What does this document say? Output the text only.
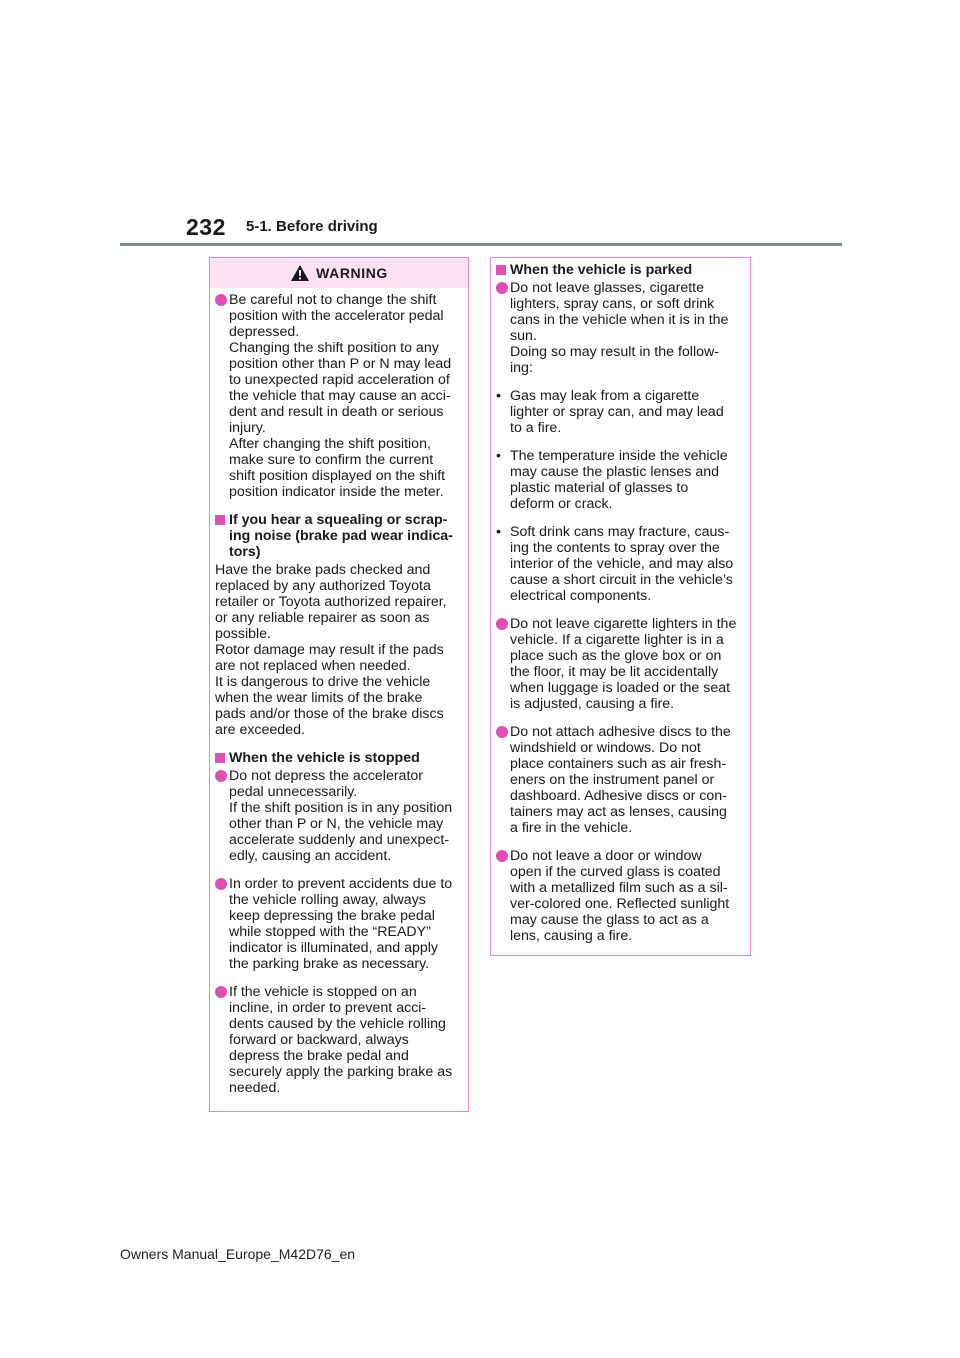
232 5-1. Before driving
WARNING

Be careful not to change the shift

position with the accelerator pedal

depressed.

Changing the shift position to any

position other than P or N may lead

to unexpected rapid acceleration of

the vehicle that may cause an acci-

dent and result in death or serious

injury.

After changing the shift position,

make sure to confirm the current

shift position displayed on the shift

position indicator inside the meter.

If you hear a squealing or scrap-

ing noise (brake pad wear indica-

tors)

Have the brake pads checked and

replaced by any authorized Toyota

retailer or Toyota authorized repairer,

or any reliable repairer as soon as

possible.

Rotor damage may result if the pads

are not replaced when needed.

It is dangerous to drive the vehicle

when the wear limits of the brake

pads and/or those of the brake discs

are exceeded.

When the vehicle is stopped

Do not depress the accelerator

pedal unnecessarily.

If the shift position is in any position

other than P or N, the vehicle may

accelerate suddenly and unexpect-

edly, causing an accident.

In order to prevent accidents due to

the vehicle rolling away, always

keep depressing the brake pedal

while stopped with the “READY”

indicator is illuminated, and apply

the parking brake as necessary.

If the vehicle is stopped on an

incline, in order to prevent acci-

dents caused by the vehicle rolling

forward or backward, always

depress the brake pedal and

securely apply the parking brake as

needed.

When the vehicle is parked

Do not leave glasses, cigarette

lighters, spray cans, or soft drink

cans in the vehicle when it is in the

sun.

Doing so may result in the follow-

ing:

• Gas may leak from a cigarette

lighter or spray can, and may lead

to a fire.

• The temperature inside the vehicle

may cause the plastic lenses and

plastic material of glasses to

deform or crack.

• Soft drink cans may fracture, caus-

ing the contents to spray over the

interior of the vehicle, and may also

cause a short circuit in the vehicle’s

electrical components.

Do not leave cigarette lighters in the

vehicle. If a cigarette lighter is in a

place such as the glove box or on

the floor, it may be lit accidentally

when luggage is loaded or the seat

is adjusted, causing a fire.

Do not attach adhesive discs to the

windshield or windows. Do not

place containers such as air fresh-

eners on the instrument panel or

dashboard. Adhesive discs or con-

tainers may act as lenses, causing

a fire in the vehicle.

Do not leave a door or window

open if the curved glass is coated

with a metallized film such as a sil-

ver-colored one. Reflected sunlight

may cause the glass to act as a

lens, causing a fire.

Owners Manual_Europe_M42D76_en
